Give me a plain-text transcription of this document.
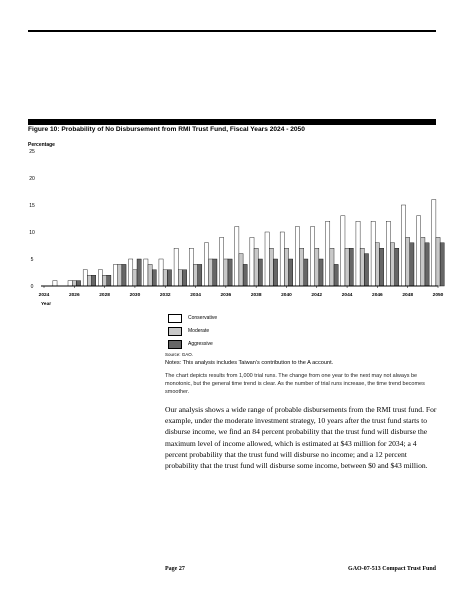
Figure 10: Probability of No Disbursement from RMI Trust Fund, Fiscal Years 2024 - 2050
Percentage
0
5
10
15
20
25
2024	2026	2028	2030	2032	2034	2036	2038	2040	2042	2044	2046	2048	2050
Year
Conservative
Moderate
Aggressive
Source: GAO.
Notes: This analysis includes Taiwan’s contribution to the A account.
The chart depicts results from 1,000 trial runs. The change from one year to the next may not always be monotonic, but the general time trend is clear. As the number of trial runs increase, the time trend becomes smoother.
Our analysis shows a wide range of probable disbursements from the RMI trust fund. For example, under the moderate investment strategy, 10 years after the trust fund starts to disburse income, we find an 84 percent probability that the trust fund will disburse the maximum level of income allowed, which is estimated at $43 million for 2034; a 4 percent probability that the trust fund will disburse no income; and a 12 percent probability that the trust fund will disburse some income, between $0 and $43 million.
Page 27	GAO-07-513 Compact Trust Fund
